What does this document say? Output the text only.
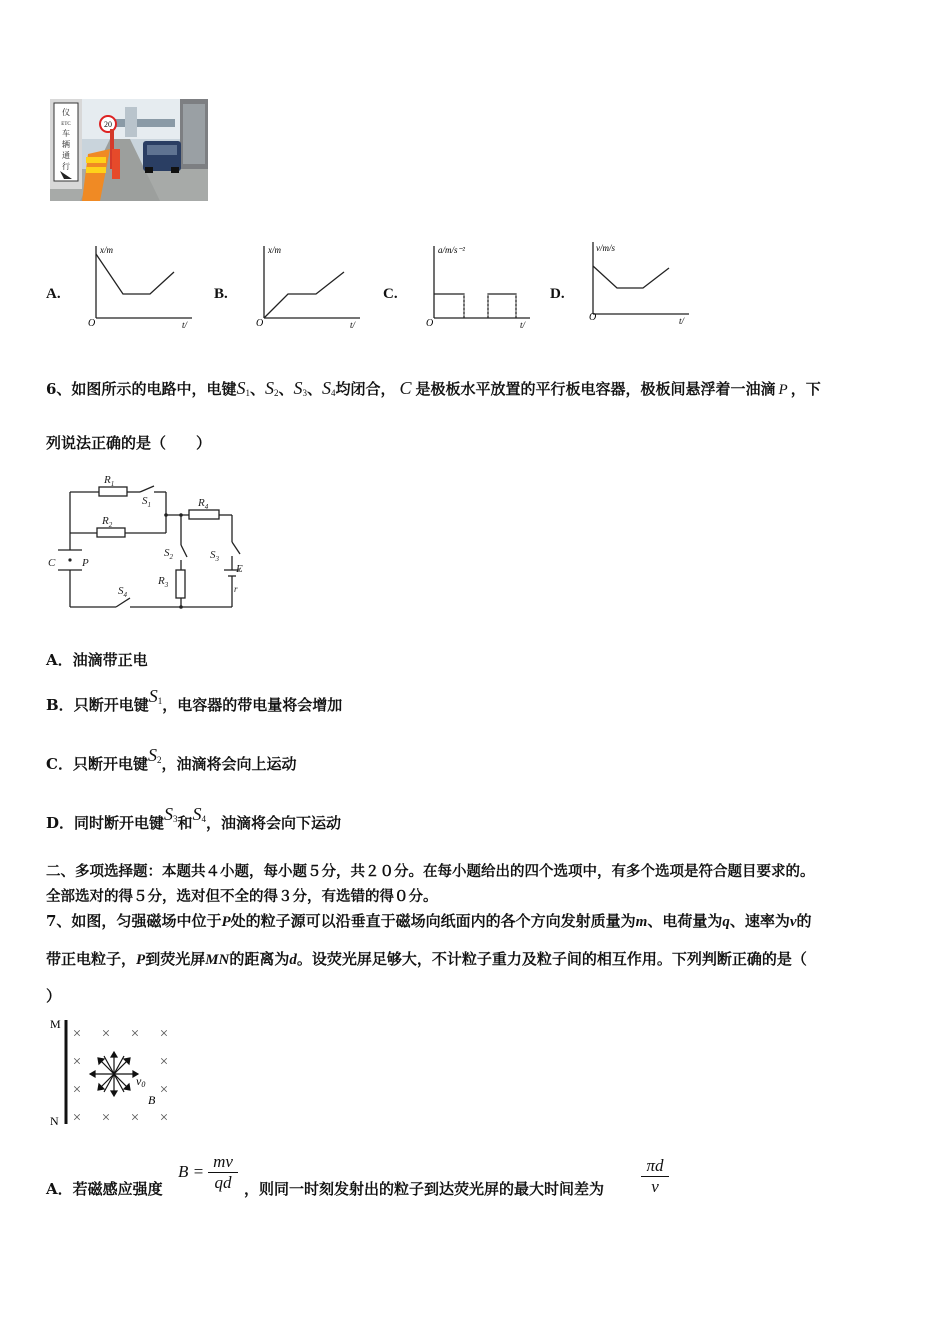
仪
ETC
车
辆
通
行
20
A.	B.	C.	D.
x/m
O	t/
x/m
O	t/
a/m/s⁻²
O	t/
v/m/s
O	t/
6、如图所示的电路中，电键$S_1$、$S_2$、$S_3$、$S_4$均闭合， C 是极板水平放置的平行板电容器，极板间悬浮着一油滴 P ，下
列说法正确的是（　　）
$R_1$
$S_1$
$R_2$
$R_4$
$S_2$	$S_3$
$R_3$
E
r
C P
$S_4$
A．油滴带正电
B．只断开电键$S_1$，电容器的带电量将会增加
C．只断开电键$S_2$，油滴将会向上运动
D．同时断开电键$S_3$和$S_4$，油滴将会向下运动
二、多项选择题：本题共４小题，每小题５分，共２０分。在每小题给出的四个选项中，有多个选项是符合题目要求的。
全部选对的得５分，选对但不全的得３分，有选错的得０分。
7、如图，匀强磁场中位于P处的粒子源可以沿垂直于磁场向纸面内的各个方向发射质量为m、电荷量为q、速率为v的
带正电粒子，P到荧光屏MN的距离为d。设荧光屏足够大，不计粒子重力及粒子间的相互作用。下列判断正确的是（
）
M
N
× × × ×
×	×
×	×
× × × ×
v0
B
A．若磁感应强度
$B = \frac{mv}{qd}$ ，则同一时刻发射出的粒子到达荧光屏的最大时间差为 $\frac{\pi d}{v}$
